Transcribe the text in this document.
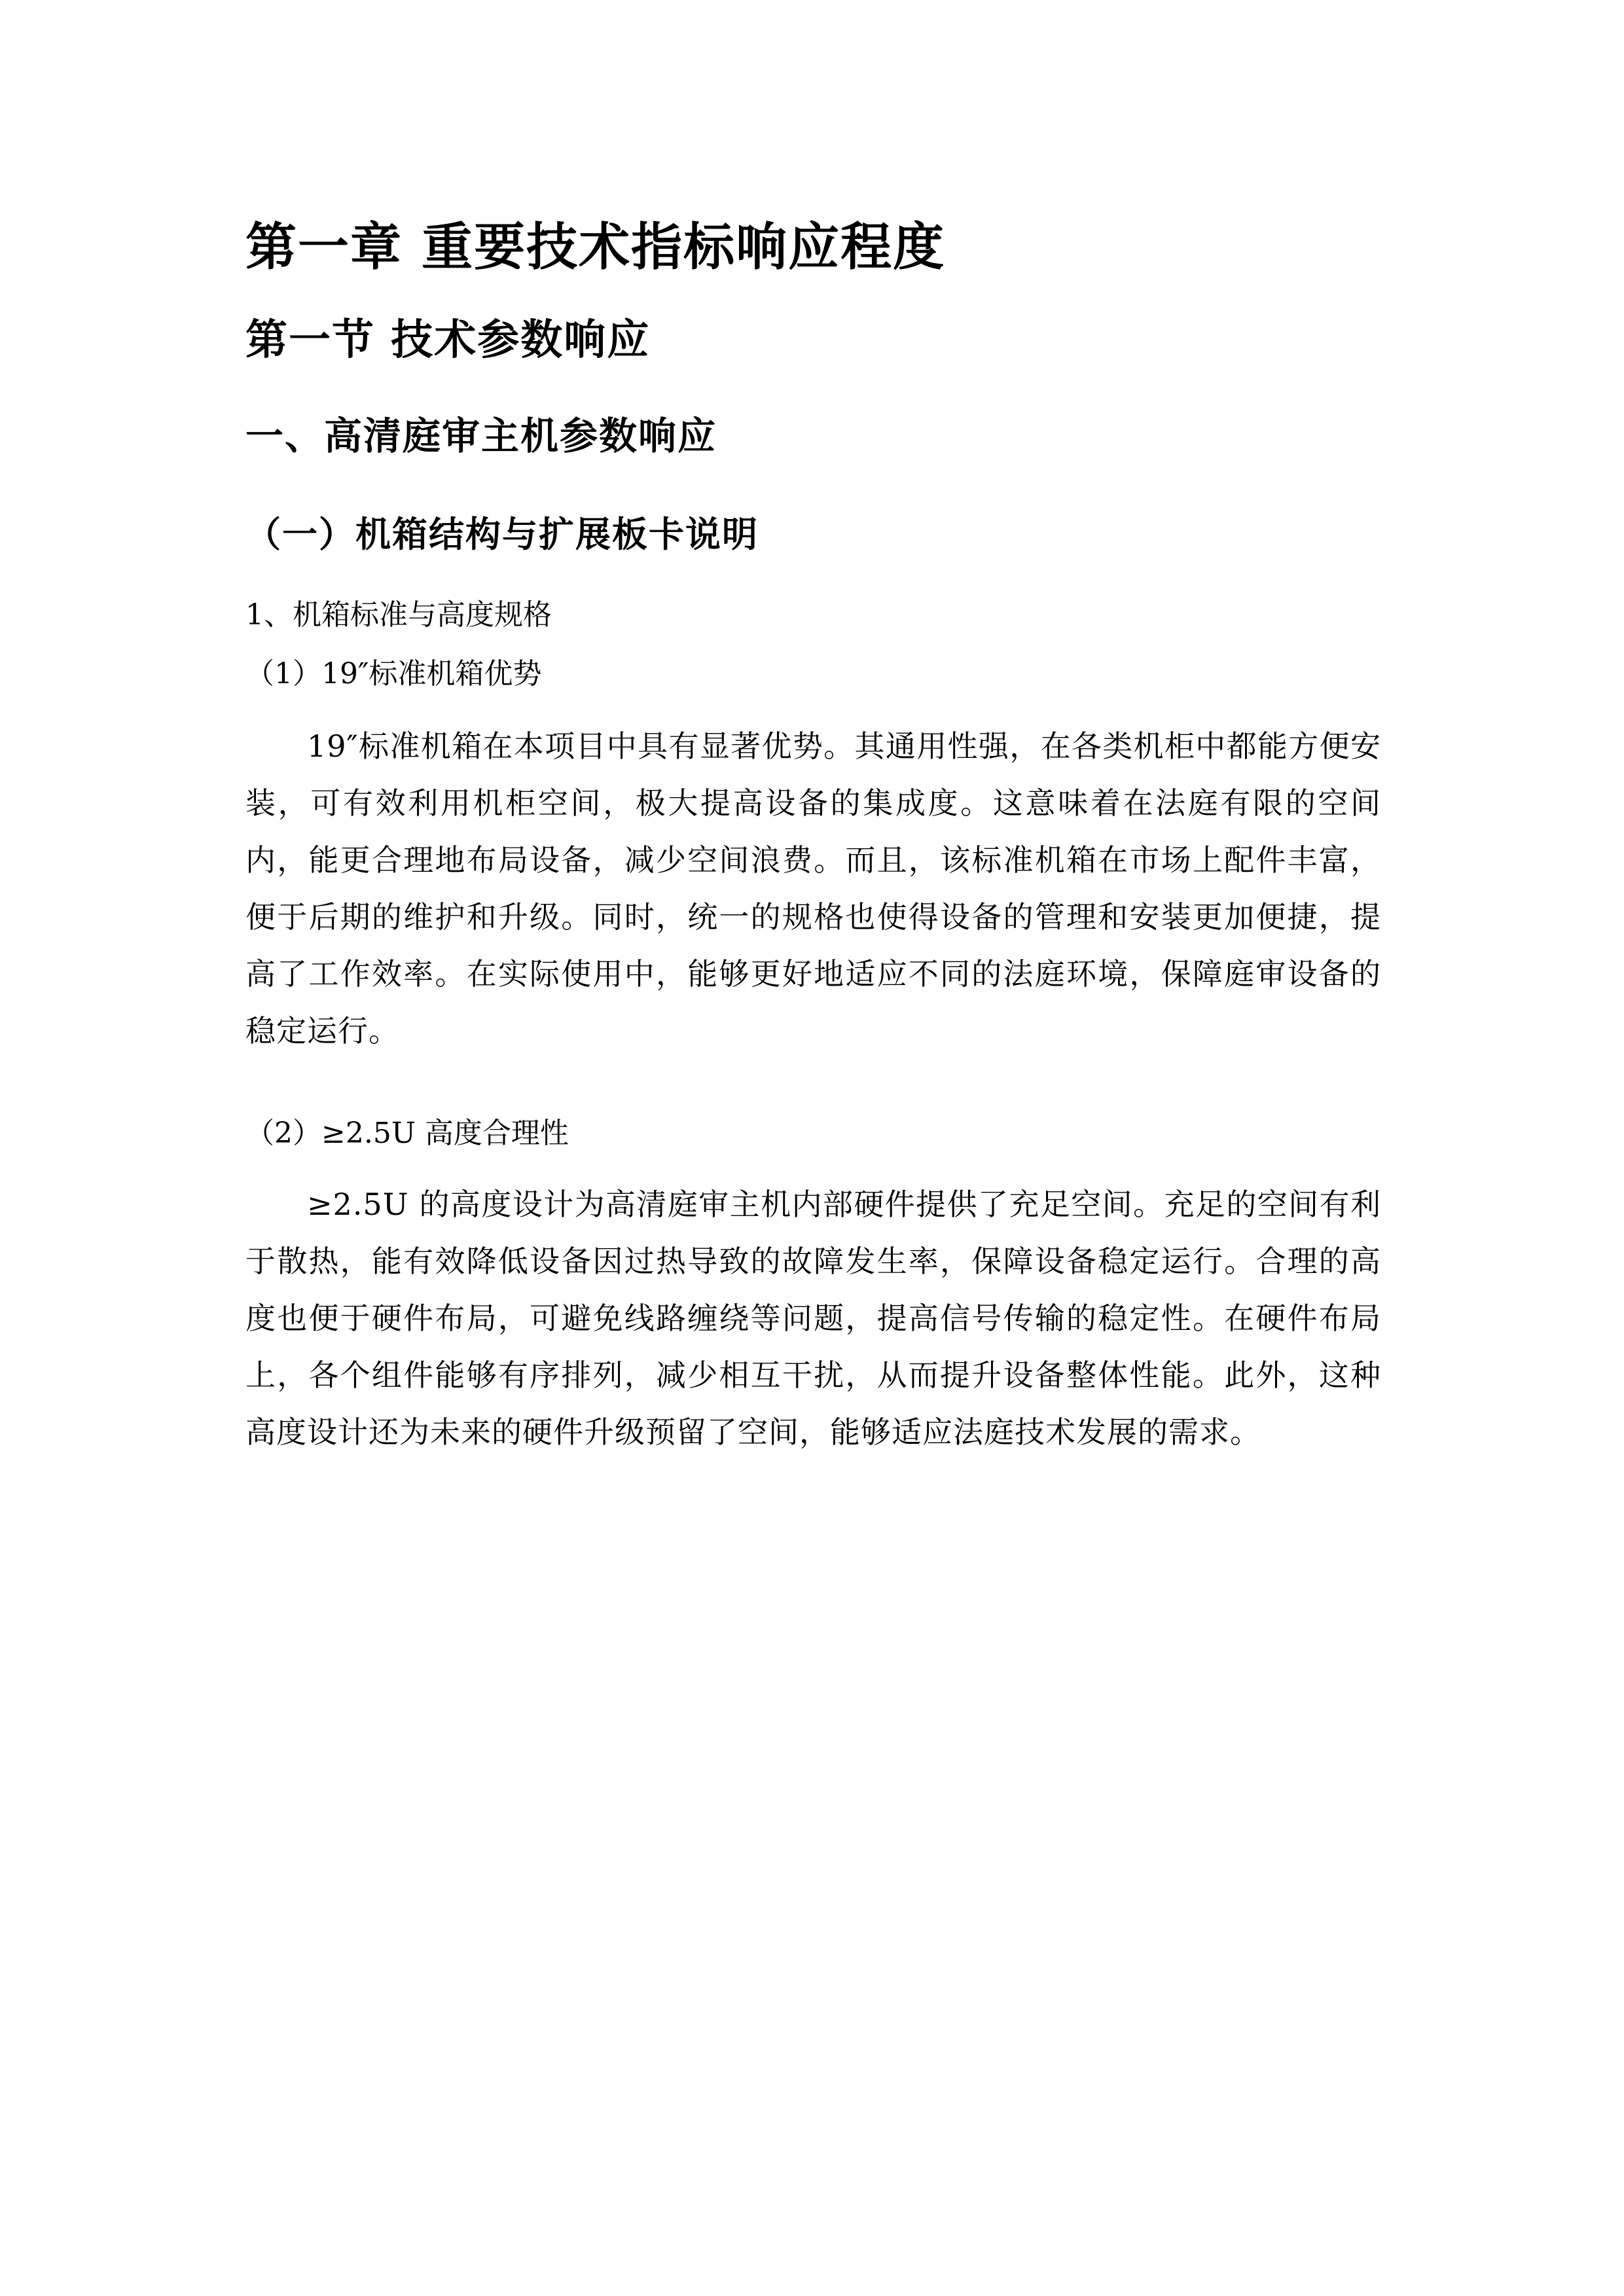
第一章 重要技术指标响应程度
第一节 技术参数响应
一、高清庭审主机参数响应
（一）机箱结构与扩展板卡说明

1、机箱标准与高度规格

（1）19″标准机箱优势

19″标准机箱在本项目中具有显著优势。其通用性强，在各类机柜中都能方便安装，可有效利用机柜空间，极大提高设备的集成度。这意味着在法庭有限的空间内，能更合理地布局设备，减少空间浪费。而且，该标准机箱在市场上配件丰富，便于后期的维护和升级。同时，统一的规格也使得设备的管理和安装更加便捷，提高了工作效率。在实际使用中，能够更好地适应不同的法庭环境，保障庭审设备的稳定运行。

（2）≥2.5U 高度合理性

≥2.5U 的高度设计为高清庭审主机内部硬件提供了充足空间。充足的空间有利于散热，能有效降低设备因过热导致的故障发生率，保障设备稳定运行。合理的高度也便于硬件布局，可避免线路缠绕等问题，提高信号传输的稳定性。在硬件布局上，各个组件能够有序排列，减少相互干扰，从而提升设备整体性能。此外，这种高度设计还为未来的硬件升级预留了空间，能够适应法庭技术发展的需求。
